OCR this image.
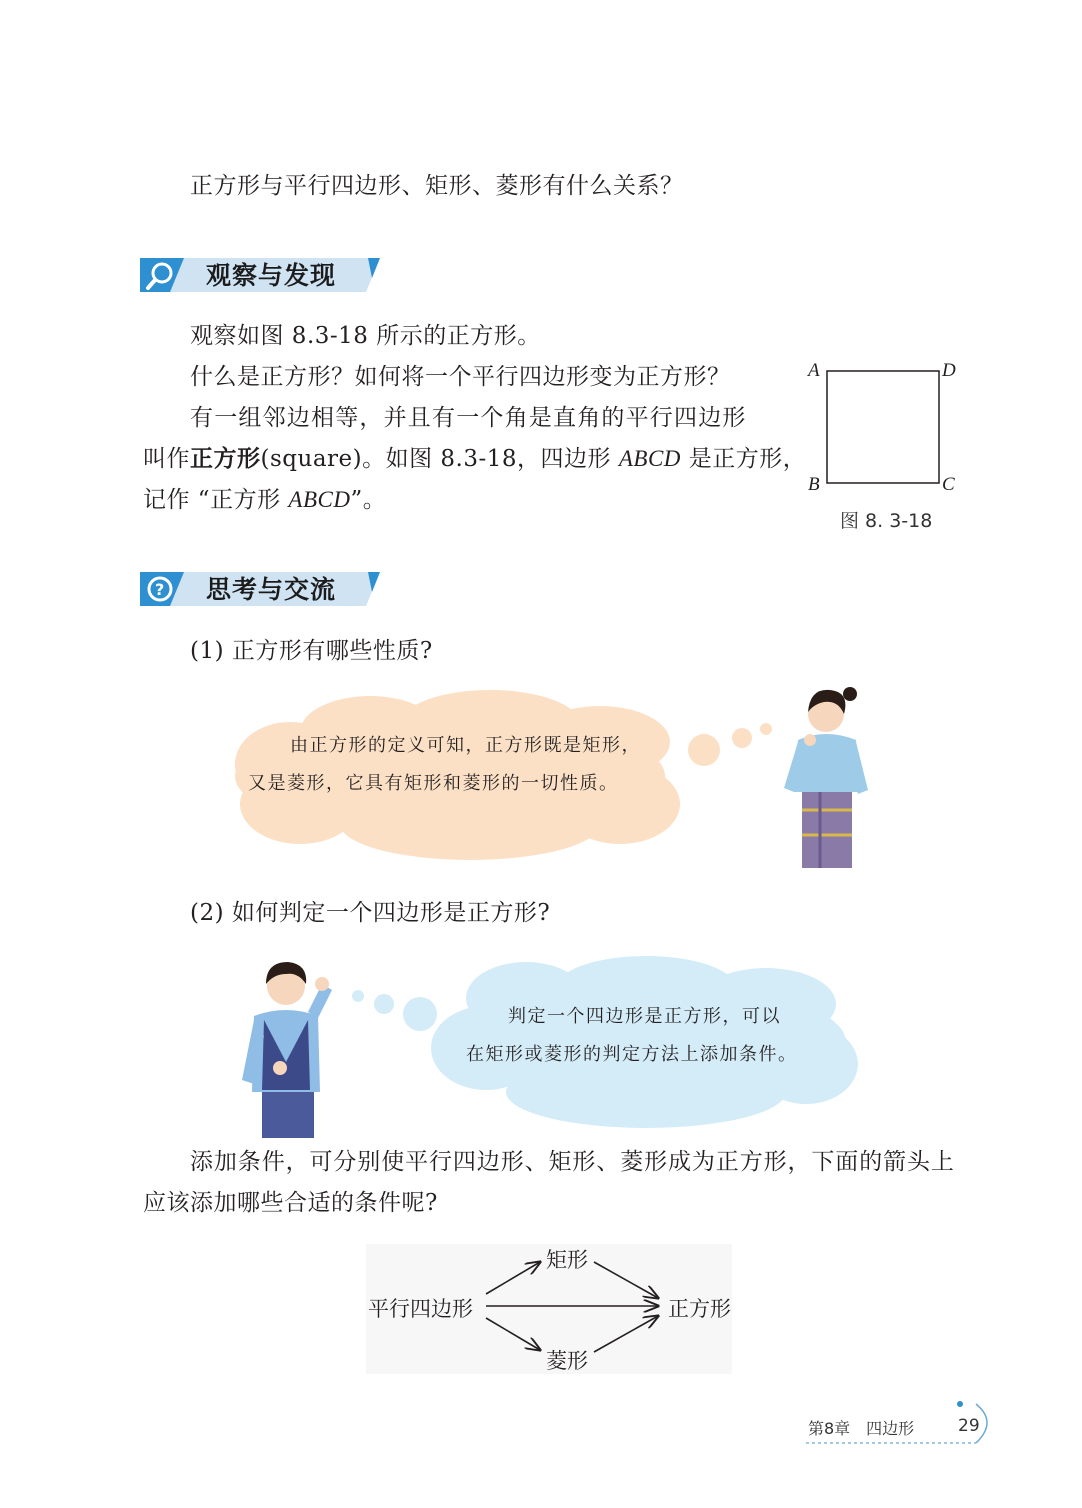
正方形与平行四边形、矩形、菱形有什么关系？
观察与发现
观察如图 8.3-18 所示的正方形。
什么是正方形？如何将一个平行四边形变为正方形？
有一组邻边相等，并且有一个角是直角的平行四边形
叫作正方形(square)。如图 8.3-18，四边形 ABCD 是正方形，
记作 “正方形 ABCD”。
A	D
B	C
图 8. 3-18
? 思考与交流
(1) 正方形有哪些性质?
由正方形的定义可知，正方形既是矩形，
又是菱形，它具有矩形和菱形的一切性质。
(2) 如何判定一个四边形是正方形?
判定一个四边形是正方形，可以
在矩形或菱形的判定方法上添加条件。
添加条件，可分别使平行四边形、矩形、菱形成为正方形，下面的箭头上
应该添加哪些合适的条件呢?
平行四边形
矩形
菱形
正方形
第8章　四边形	29
